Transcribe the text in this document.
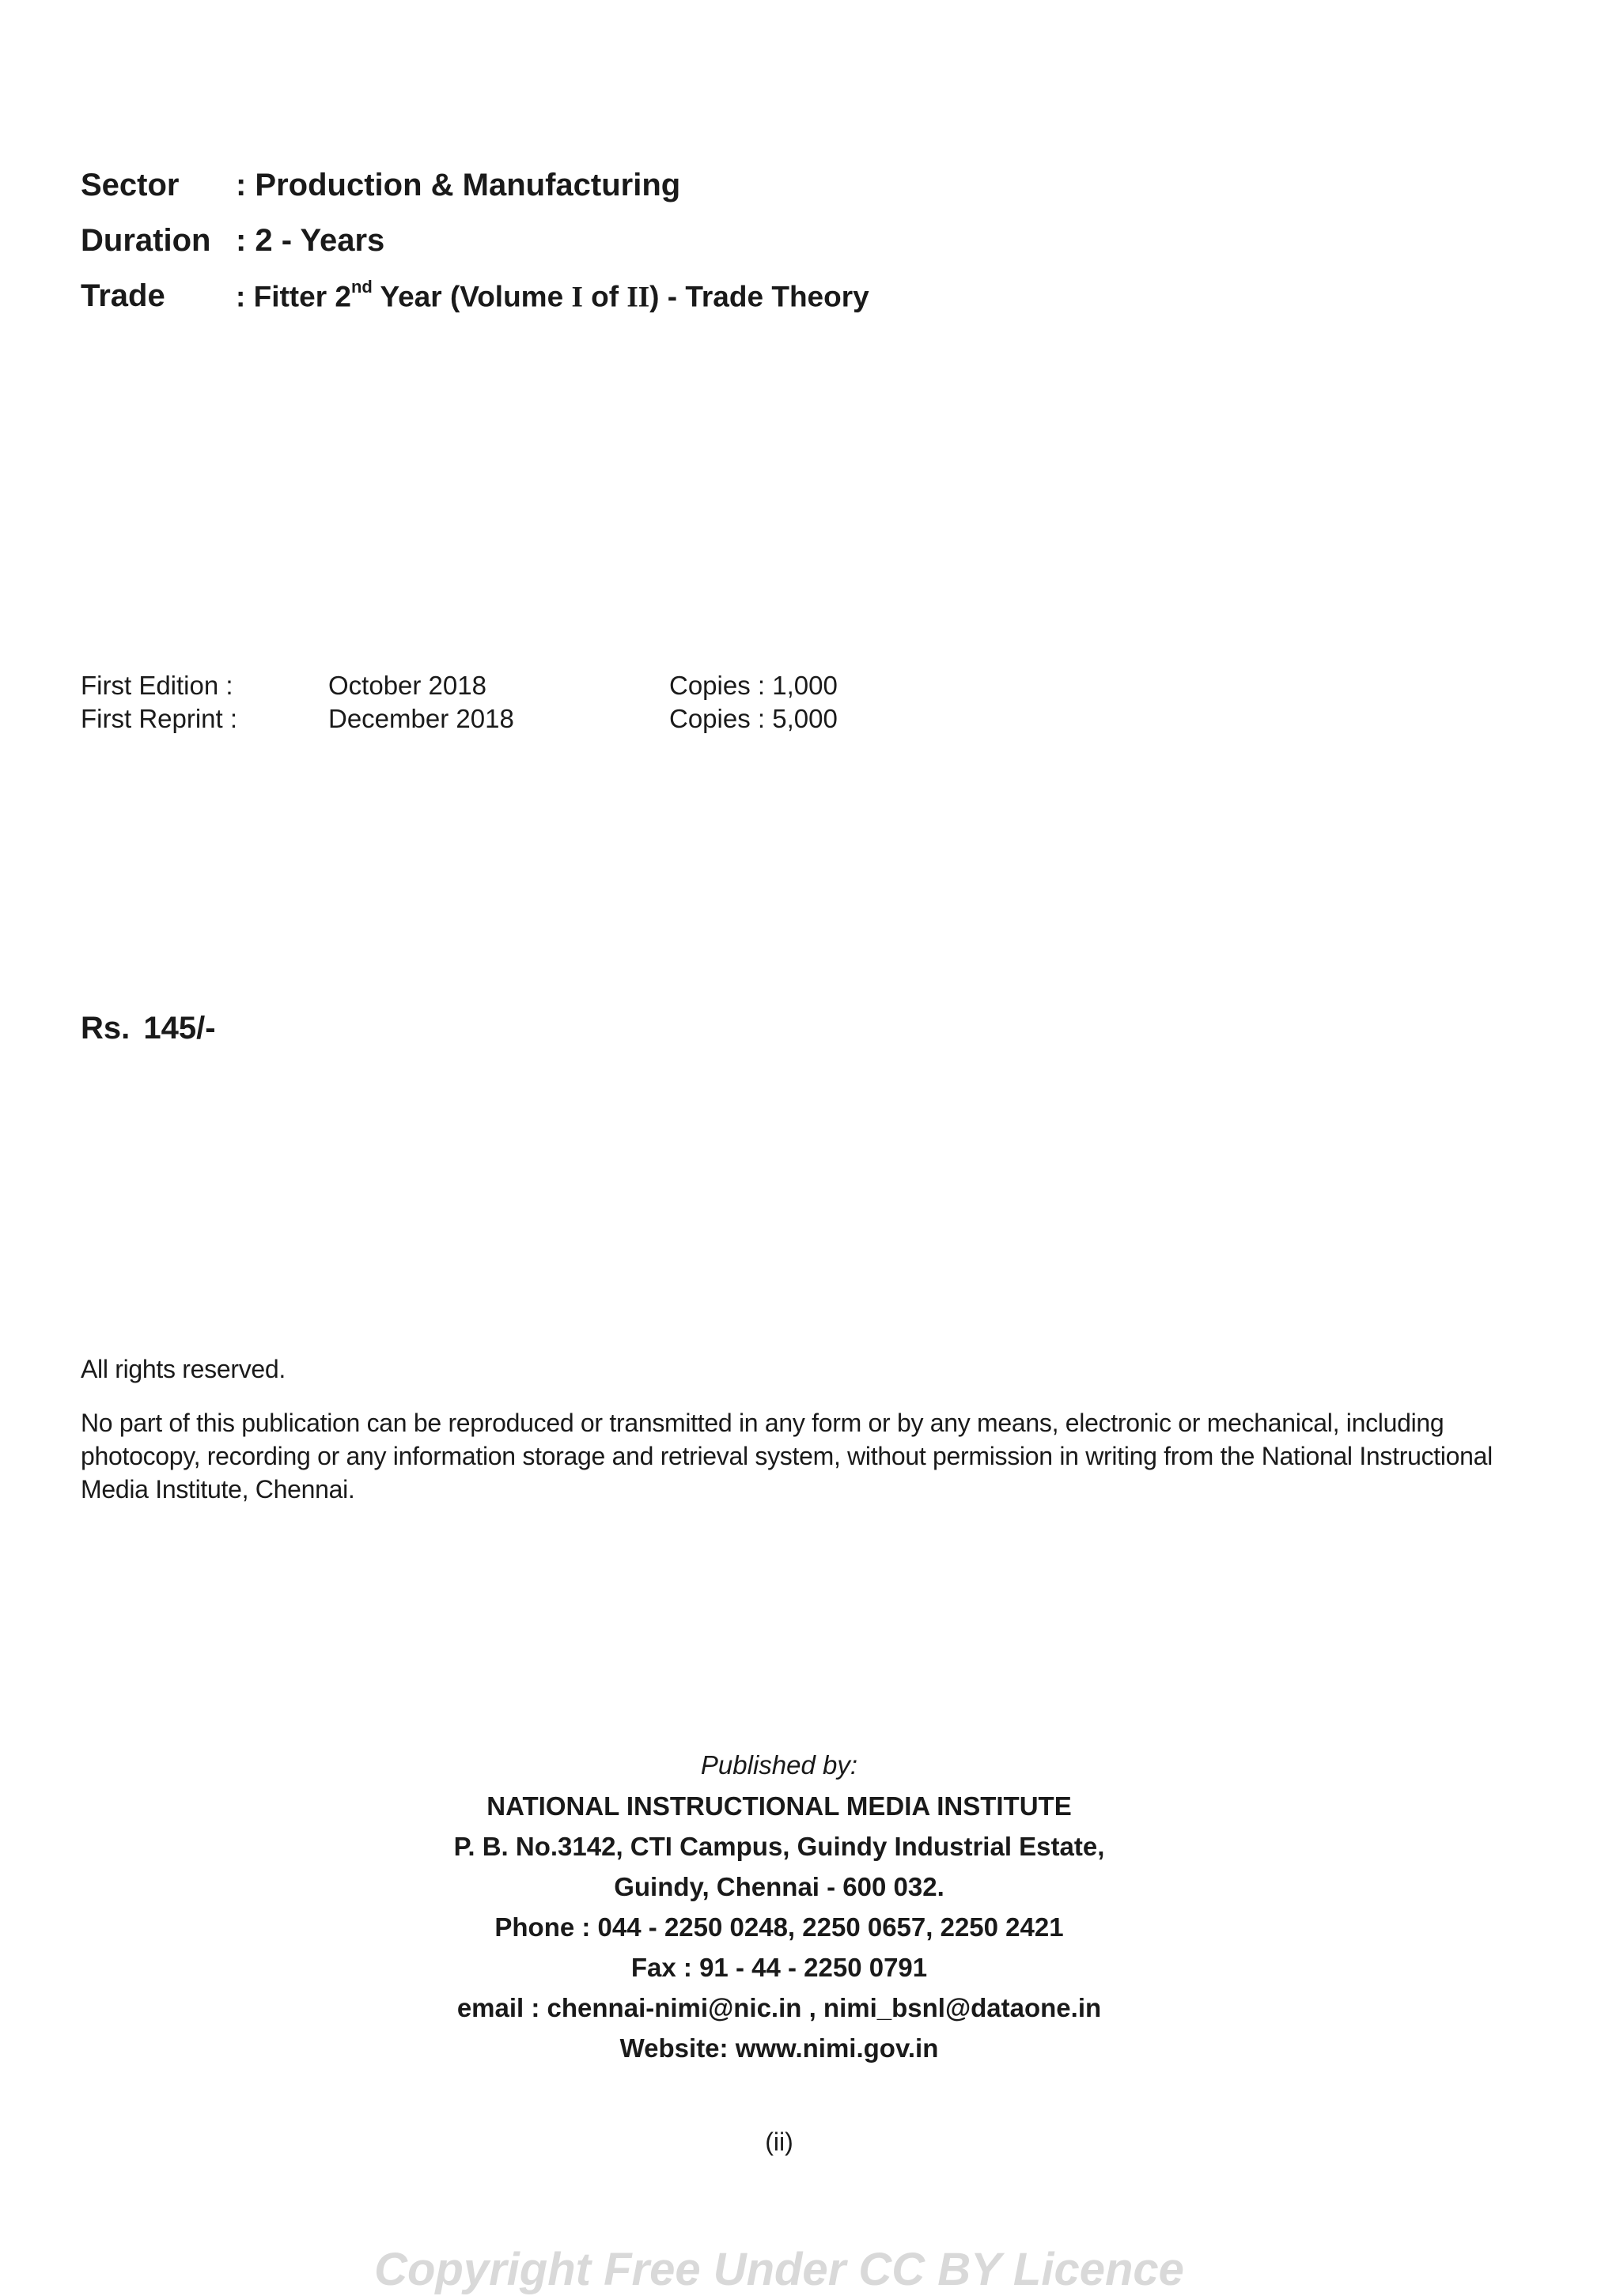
Sector	: Production & Manufacturing
Duration : 2 - Years
Trade	: Fitter 2nd Year (Volume I of II) - Trade Theory
First Edition :	October 2018	Copies : 1,000
First Reprint :	December 2018	Copies : 5,000
Rs. 145/-

All rights reserved.

No part of this publication can be reproduced or transmitted in any form or by any means, electronic or mechanical, including photocopy, recording or any information storage and retrieval system, without permission in writing from the National Instructional Media Institute, Chennai.

Published by:
NATIONAL INSTRUCTIONAL MEDIA INSTITUTE
P. B. No.3142, CTI Campus, Guindy Industrial Estate,
Guindy, Chennai - 600 032.
Phone : 044 - 2250 0248, 2250 0657, 2250 2421
Fax : 91 - 44 - 2250 0791
email : chennai-nimi@nic.in , nimi_bsnl@dataone.in
Website: www.nimi.gov.in
(ii)
Copyright Free Under CC BY Licence
